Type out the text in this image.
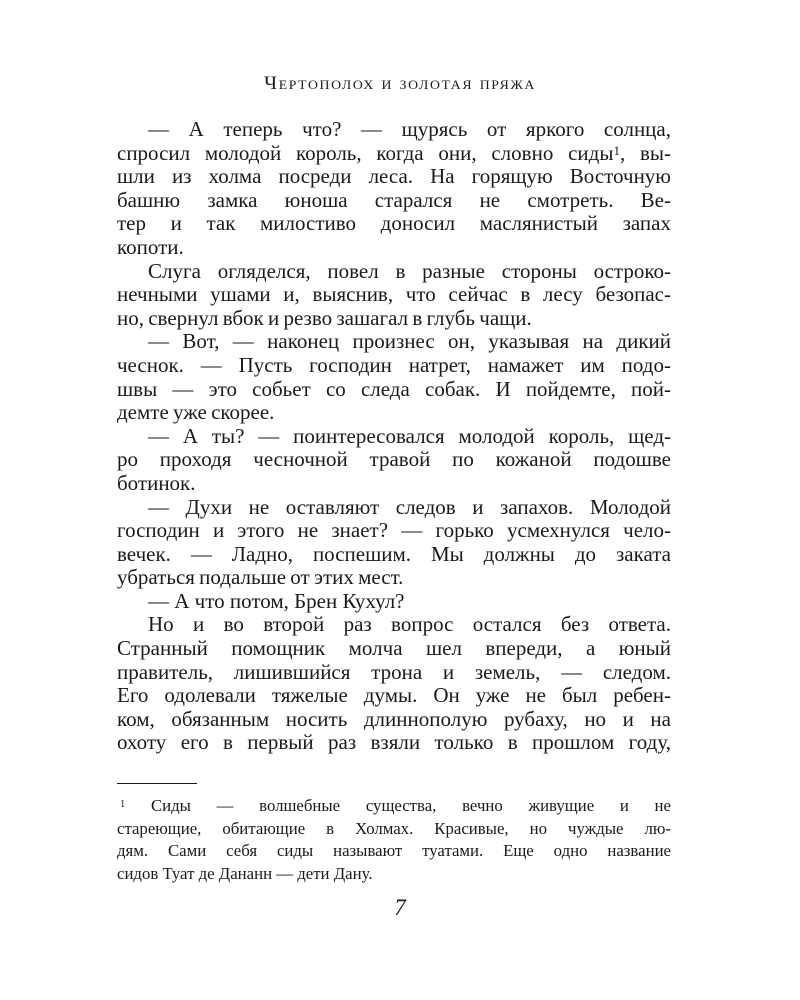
Чертополох и золотая пряжа

— А теперь что? — щурясь от яркого солнца,
спросил молодой король, когда они, словно сиды$^1$, вы-
шли из холма посреди леса. На горящую Восточную
башню замка юноша старался не смотреть. Ве-
тер и так милостиво доносил маслянистый запах
копоти.

Слуга огляделся, повел в разные стороны остроко-
нечными ушами и, выяснив, что сейчас в лесу безопас-
но, свернул вбок и резво зашагал в глубь чащи.

— Вот, — наконец произнес он, указывая на дикий
чеснок. — Пусть господин натрет, намажет им подо-
швы — это собьет со следа собак. И пойдемте, пой-
демте уже скорее.

— А ты? — поинтересовался молодой король, щед-
ро проходя чесночной травой по кожаной подошве
ботинок.

— Духи не оставляют следов и запахов. Молодой
господин и этого не знает? — горько усмехнулся чело-
вечек. — Ладно, поспешим. Мы должны до заката
убраться подальше от этих мест.

— А что потом, Брен Кухул?

Но и во второй раз вопрос остался без ответа.
Странный помощник молча шел впереди, а юный
правитель, лишившийся трона и земель, — следом.
Его одолевали тяжелые думы. Он уже не был ребен-
ком, обязанным носить длиннополую рубаху, но и на
охоту его в первый раз взяли только в прошлом году,

$^1$ Сиды — волшебные существа, вечно живущие и не
стареющие, обитающие в Холмах. Красивые, но чуждые лю-
дям. Сами себя сиды называют туатами. Еще одно название
сидов Туат де Дананн — дети Дану.
7
